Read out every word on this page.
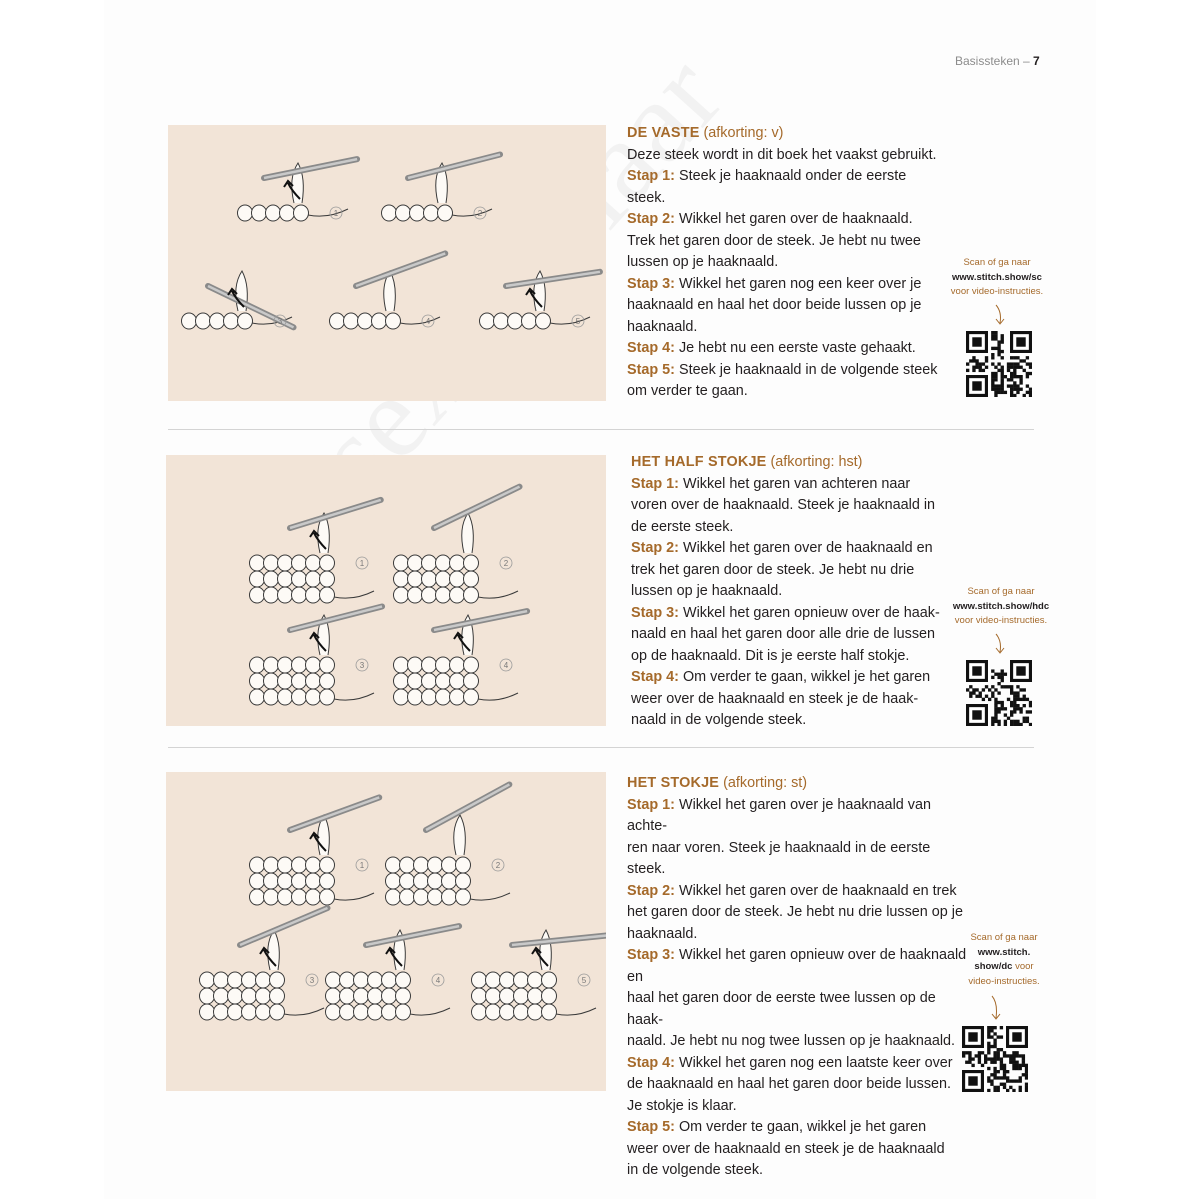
Basissteken – 7
1	2
3	4	5

DE VASTE (afkorting: v)

Deze steek wordt in dit boek het vaakst gebruikt.

Stap 1: Steek je haaknaald onder de eerste

steek.

Stap 2: Wikkel het garen over de haaknaald.

Trek het garen door de steek. Je hebt nu twee

lussen op je haaknaald.

Stap 3: Wikkel het garen nog een keer over je

haaknaald en haal het door beide lussen op je

haaknaald.

Stap 4: Je hebt nu een eerste vaste gehaakt.

Stap 5: Steek je haaknaald in de volgende steek

om verder te gaan.

Scan of ga naar
www.stitch.show/sc
voor video-instructies.
1	2
3	4

HET HALF STOKJE (afkorting: hst)

Stap 1: Wikkel het garen van achteren naar

voren over de haaknaald. Steek je haaknaald in

de eerste steek.

Stap 2: Wikkel het garen over de haaknaald en

trek het garen door de steek. Je hebt nu drie

lussen op je haaknaald.

Stap 3: Wikkel het garen opnieuw over de haak-

naald en haal het garen door alle drie de lussen

op de haaknaald. Dit is je eerste half stokje.

Stap 4: Om verder te gaan, wikkel je het garen

weer over de haaknaald en steek je de haak-

naald in de volgende steek.

Scan of ga naar
www.stitch.show/hdc
voor video-instructies.
1	2
3	4	5

HET STOKJE (afkorting: st)

Stap 1: Wikkel het garen over je haaknaald van achte-

ren naar voren. Steek je haaknaald in de eerste steek.

Stap 2: Wikkel het garen over de haaknaald en trek

het garen door de steek. Je hebt nu drie lussen op je

haaknaald.

Stap 3: Wikkel het garen opnieuw over de haaknaald en

haal het garen door de eerste twee lussen op de haak-

naald. Je hebt nu nog twee lussen op je haaknaald.

Stap 4: Wikkel het garen nog een laatste keer over

de haaknaald en haal het garen door beide lussen.

Je stokje is klaar.

Stap 5: Om verder te gaan, wikkel je het garen

weer over de haaknaald en steek je de haaknaald

in de volgende steek.

Scan of ga naar
www.stitch.
show/dc voor
video-instructies.
